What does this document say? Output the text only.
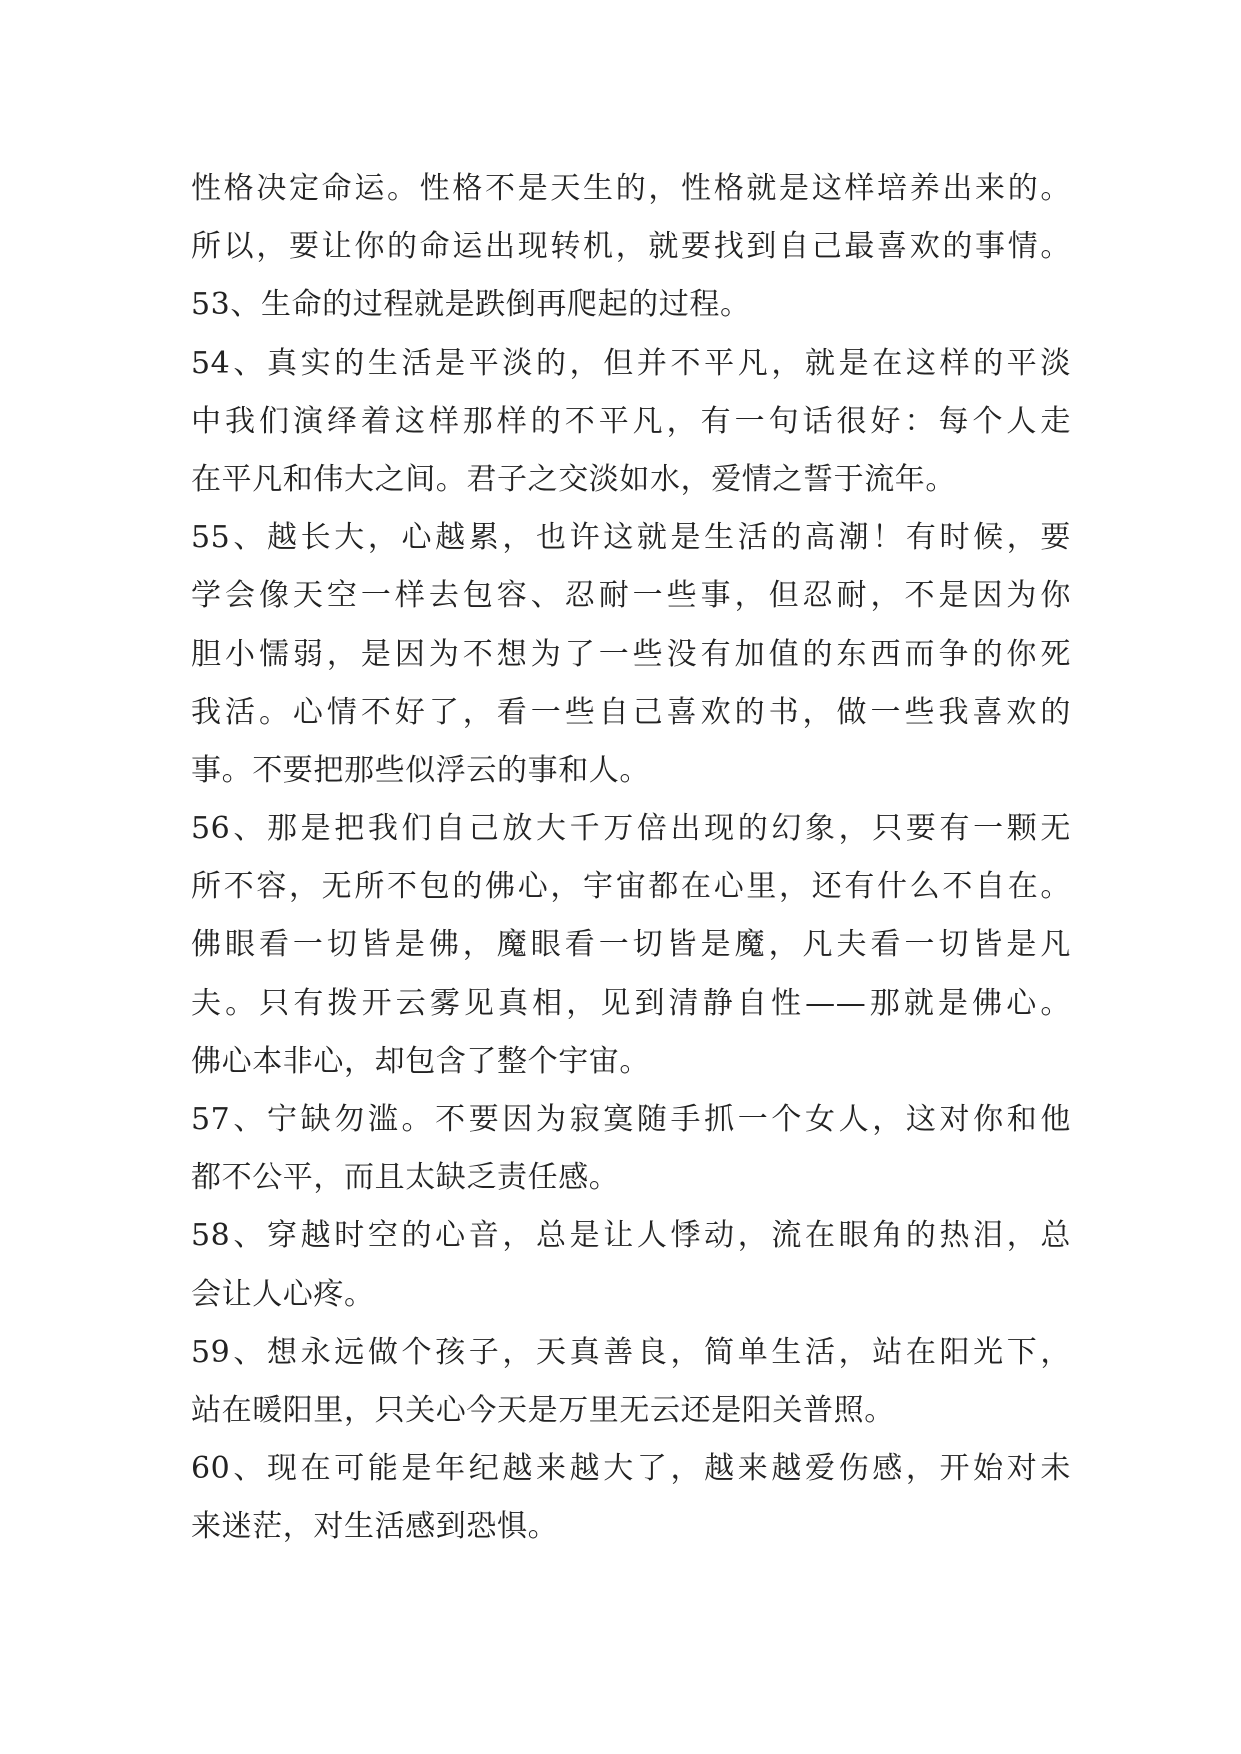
性格决定命运。性格不是天生的，性格就是这样培养出来的。
所以，要让你的命运出现转机，就要找到自己最喜欢的事情。
53、生命的过程就是跌倒再爬起的过程。
54、真实的生活是平淡的，但并不平凡，就是在这样的平淡
中我们演绎着这样那样的不平凡，有一句话很好：每个人走
在平凡和伟大之间。君子之交淡如水，爱情之誓于流年。
55、越长大，心越累，也许这就是生活的高潮！有时候，要
学会像天空一样去包容、忍耐一些事，但忍耐，不是因为你
胆小懦弱，是因为不想为了一些没有加值的东西而争的你死
我活。心情不好了，看一些自己喜欢的书，做一些我喜欢的
事。不要把那些似浮云的事和人。
56、那是把我们自己放大千万倍出现的幻象，只要有一颗无
所不容，无所不包的佛心，宇宙都在心里，还有什么不自在。
佛眼看一切皆是佛，魔眼看一切皆是魔，凡夫看一切皆是凡
夫。只有拨开云雾见真相，见到清静自性——那就是佛心。
佛心本非心，却包含了整个宇宙。
57、宁缺勿滥。不要因为寂寞随手抓一个女人，这对你和他
都不公平，而且太缺乏责任感。
58、穿越时空的心音，总是让人悸动，流在眼角的热泪，总
会让人心疼。
59、想永远做个孩子，天真善良，简单生活，站在阳光下，
站在暖阳里，只关心今天是万里无云还是阳关普照。
60、现在可能是年纪越来越大了，越来越爱伤感，开始对未
来迷茫，对生活感到恐惧。
